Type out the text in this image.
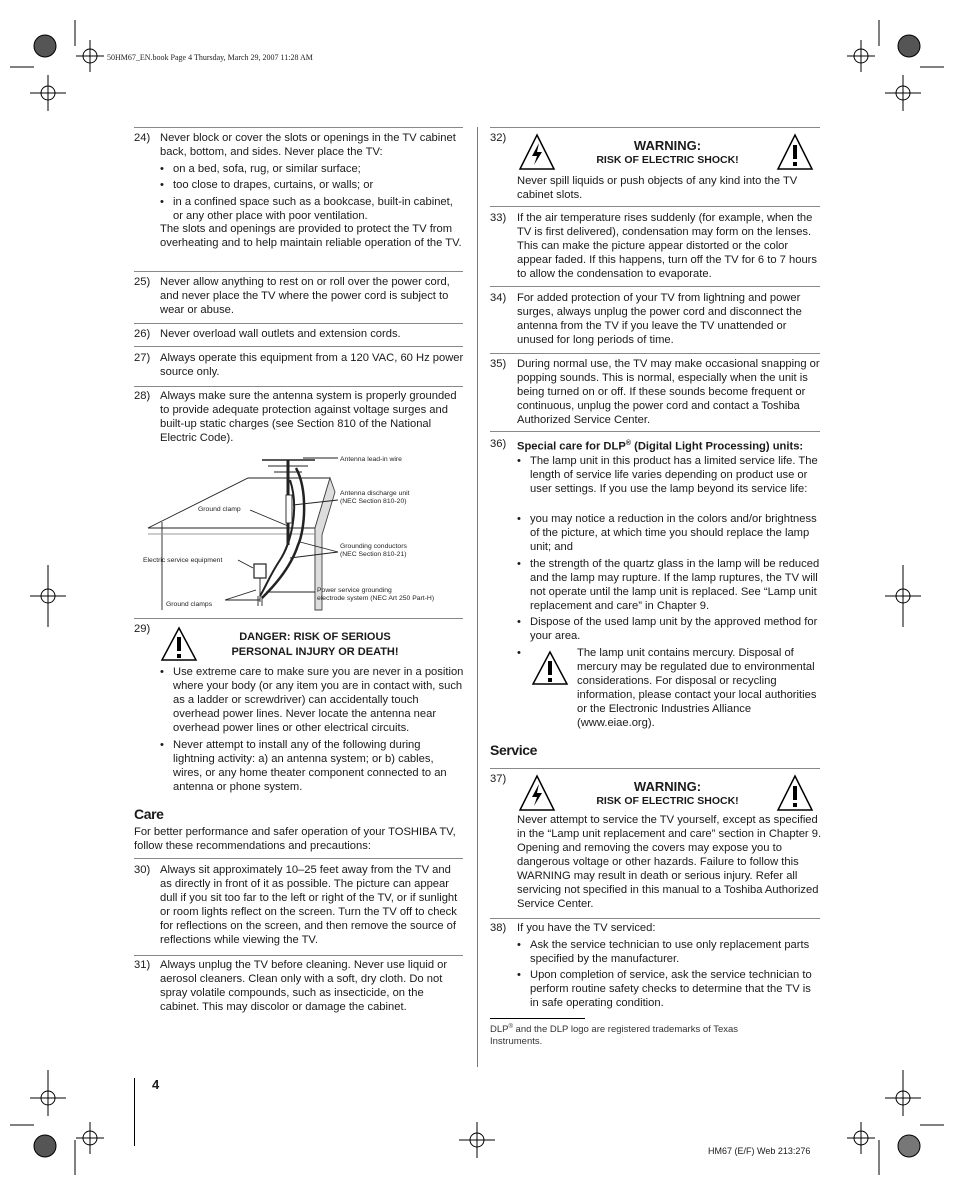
50HM67_EN.book Page 4 Thursday, March 29, 2007 11:28 AM
4
HM67 (E/F) Web 213:276
24) Never block or cover the slots or openings in the TV cabinet back, bottom, and sides. Never place the TV:
• on a bed, sofa, rug, or similar surface;
• too close to drapes, curtains, or walls; or
• in a confined space such as a bookcase, built-in cabinet, or any other place with poor ventilation.
The slots and openings are provided to protect the TV from overheating and to help maintain reliable operation of the TV.
25) Never allow anything to rest on or roll over the power cord, and never place the TV where the power cord is subject to wear or abuse.
26) Never overload wall outlets and extension cords.
27) Always operate this equipment from a 120 VAC, 60 Hz power source only.
28) Always make sure the antenna system is properly grounded to provide adequate protection against voltage surges and built-up static charges (see Section 810 of the National Electric Code).
Antenna lead-in wire
Antenna discharge unit
(NEC Section 810-20)
Ground clamp
Grounding conductors
(NEC Section 810-21)
Electric service equipment
Power service grounding
electrode system (NEC Art 250 Part-H)
Ground clamps
29)
DANGER: RISK OF SERIOUS
PERSONAL INJURY OR DEATH!
• Use extreme care to make sure you are never in a position where your body (or any item you are in contact with, such as a ladder or screwdriver) can accidentally touch overhead power lines. Never locate the antenna near overhead power lines or other electrical circuits.
• Never attempt to install any of the following during lightning activity: a) an antenna system; or b) cables, wires, or any home theater component connected to an antenna or phone system.
Care
For better performance and safer operation of your TOSHIBA TV, follow these recommendations and precautions:
30) Always sit approximately 10–25 feet away from the TV and as directly in front of it as possible. The picture can appear dull if you sit too far to the left or right of the TV, or if sunlight or room lights reflect on the screen. Turn the TV off to check for reflections on the screen, and then remove the source of reflections while viewing the TV.
31) Always unplug the TV before cleaning. Never use liquid or aerosol cleaners. Clean only with a soft, dry cloth. Do not spray volatile compounds, such as insecticide, on the cabinet. This may discolor or damage the cabinet.
32)	WARNING:
RISK OF ELECTRIC SHOCK!
Never spill liquids or push objects of any kind into the TV cabinet slots.
33) If the air temperature rises suddenly (for example, when the TV is first delivered), condensation may form on the lenses. This can make the picture appear distorted or the color appear faded. If this happens, turn off the TV for 6 to 7 hours to allow the condensation to evaporate.
34) For added protection of your TV from lightning and power surges, always unplug the power cord and disconnect the antenna from the TV if you leave the TV unattended or unused for long periods of time.
35) During normal use, the TV may make occasional snapping or popping sounds. This is normal, especially when the unit is being turned on or off. If these sounds become frequent or continuous, unplug the power cord and contact a Toshiba Authorized Service Center.
36) Special care for DLP® (Digital Light Processing) units:
• The lamp unit in this product has a limited service life. The length of service life varies depending on product use or user settings. If you use the lamp beyond its service life:
• you may notice a reduction in the colors and/or brightness of the picture, at which time you should replace the lamp unit; and
• the strength of the quartz glass in the lamp will be reduced and the lamp may rupture. If the lamp ruptures, the TV will not operate until the lamp unit is replaced. See “Lamp unit replacement and care” in Chapter 9.
• Dispose of the used lamp unit by the approved method for your area.
•	The lamp unit contains mercury. Disposal of mercury may be regulated due to environmental considerations. For disposal or recycling information, please contact your local authorities or the Electronic Industries Alliance (www.eiae.org).
Service
37)	WARNING:
RISK OF ELECTRIC SHOCK!
Never attempt to service the TV yourself, except as specified in the “Lamp unit replacement and care” section in Chapter 9. Opening and removing the covers may expose you to dangerous voltage or other hazards. Failure to follow this WARNING may result in death or serious injury. Refer all servicing not specified in this manual to a Toshiba Authorized Service Center.
38) If you have the TV serviced:
• Ask the service technician to use only replacement parts specified by the manufacturer.
• Upon completion of service, ask the service technician to perform routine safety checks to determine that the TV is in safe operating condition.
DLP® and the DLP logo are registered trademarks of Texas Instruments.
